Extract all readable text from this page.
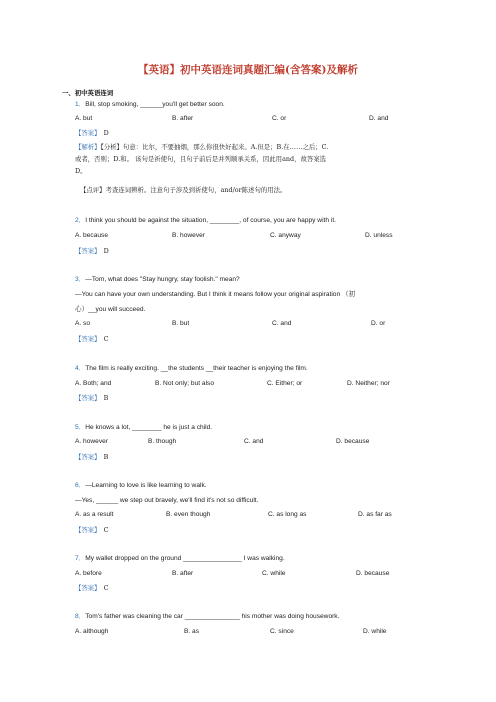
【英语】初中英语连词真题汇编(含答案)及解析
一、初中英语连词
1．Bill, stop smoking, ______you'll get better soon.
A. but	B. after	C. or	D. and
【答案】 D
【解析】【分析】句意：比尔，不要抽烟，那么你很快好起来。A.但是；B.在……之后；C.
或者，否则；D.和。 该句是祈使句，且句子前后是并列顺承关系，因此用and，故答案选
D。
【点评】考查连词辨析。注意句子涉及到祈使句，and/or陈述句的用法。
2．I think you should be against the situation, ________, of course, you are happy with it.
A. because	B. however	C. anyway	D. unless
【答案】 D
3．—Tom, what does "Stay hungry, stay foolish." mean?
—You can have your own understanding. But I think it means follow your original aspiration （初
心）__you will succeed.
A. so	B. but	C. and	D. or
【答案】 C
4．The film is really exciting. __the students __their teacher is enjoying the film.
A. Both; and	B. Not only; but also	C. Either; or	D. Neither; nor
【答案】 B
5．He knows a lot, ________ he is just a child.
A. however	B. though	C. and	D. because
【答案】 B
6．—Learning to love is like learning to walk.
—Yes, ______ we step out bravely, we'll find it's not so difficult.
A. as a result	B. even though	C. as long as	D. as far as
【答案】 C
7．My wallet dropped on the ground ________________ I was walking.
A. before	B. after	C. while	D. because
【答案】 C
8．Tom's father was cleaning the car _______________ his mother was doing housework.
A. although	B. as	C. since	D. while
